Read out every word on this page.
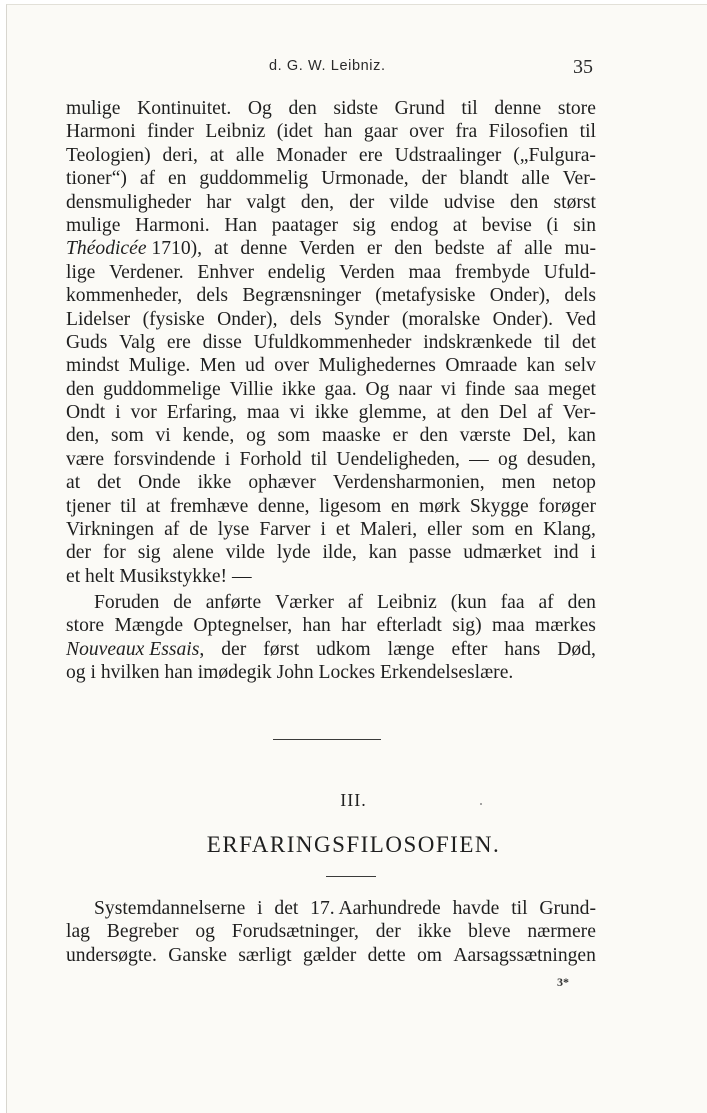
d. G. W. Leibniz.	35
mulige Kontinuitet. Og den sidste Grund til denne store
Harmoni finder Leibniz (idet han gaar over fra Filosofien til
Teologien) deri, at alle Monader ere Udstraalinger („Fulgura-
tioner“) af en guddommelig Urmonade, der blandt alle Ver-
densmuligheder har valgt den, der vilde udvise den størst
mulige Harmoni. Han paatager sig endog at bevise (i sin
Théodicée 1710), at denne Verden er den bedste af alle mu-
lige Verdener. Enhver endelig Verden maa frembyde Ufuld-
kommenheder, dels Begrænsninger (metafysiske Onder), dels
Lidelser (fysiske Onder), dels Synder (moralske Onder). Ved
Guds Valg ere disse Ufuldkommenheder indskrænkede til det
mindst Mulige. Men ud over Mulighedernes Omraade kan selv
den guddommelige Villie ikke gaa. Og naar vi finde saa meget
Ondt i vor Erfaring, maa vi ikke glemme, at den Del af Ver-
den, som vi kende, og som maaske er den værste Del, kan
være forsvindende i Forhold til Uendeligheden, — og desuden,
at det Onde ikke ophæver Verdensharmonien, men netop
tjener til at fremhæve denne, ligesom en mørk Skygge forøger
Virkningen af de lyse Farver i et Maleri, eller som en Klang,
der for sig alene vilde lyde ilde, kan passe udmærket ind i
et helt Musikstykke! —
Foruden de anførte Værker af Leibniz (kun faa af den
store Mængde Optegnelser, han har efterladt sig) maa mærkes
Nouveaux Essais, der først udkom længe efter hans Død,
og i hvilken han imødegik John Lockes Erkendelseslære.
III.
ERFARINGSFILOSOFIEN.
Systemdannelserne i det 17. Aarhundrede havde til Grund-
lag Begreber og Forudsætninger, der ikke bleve nærmere
undersøgte. Ganske særligt gælder dette om Aarsagssætningen
3*
